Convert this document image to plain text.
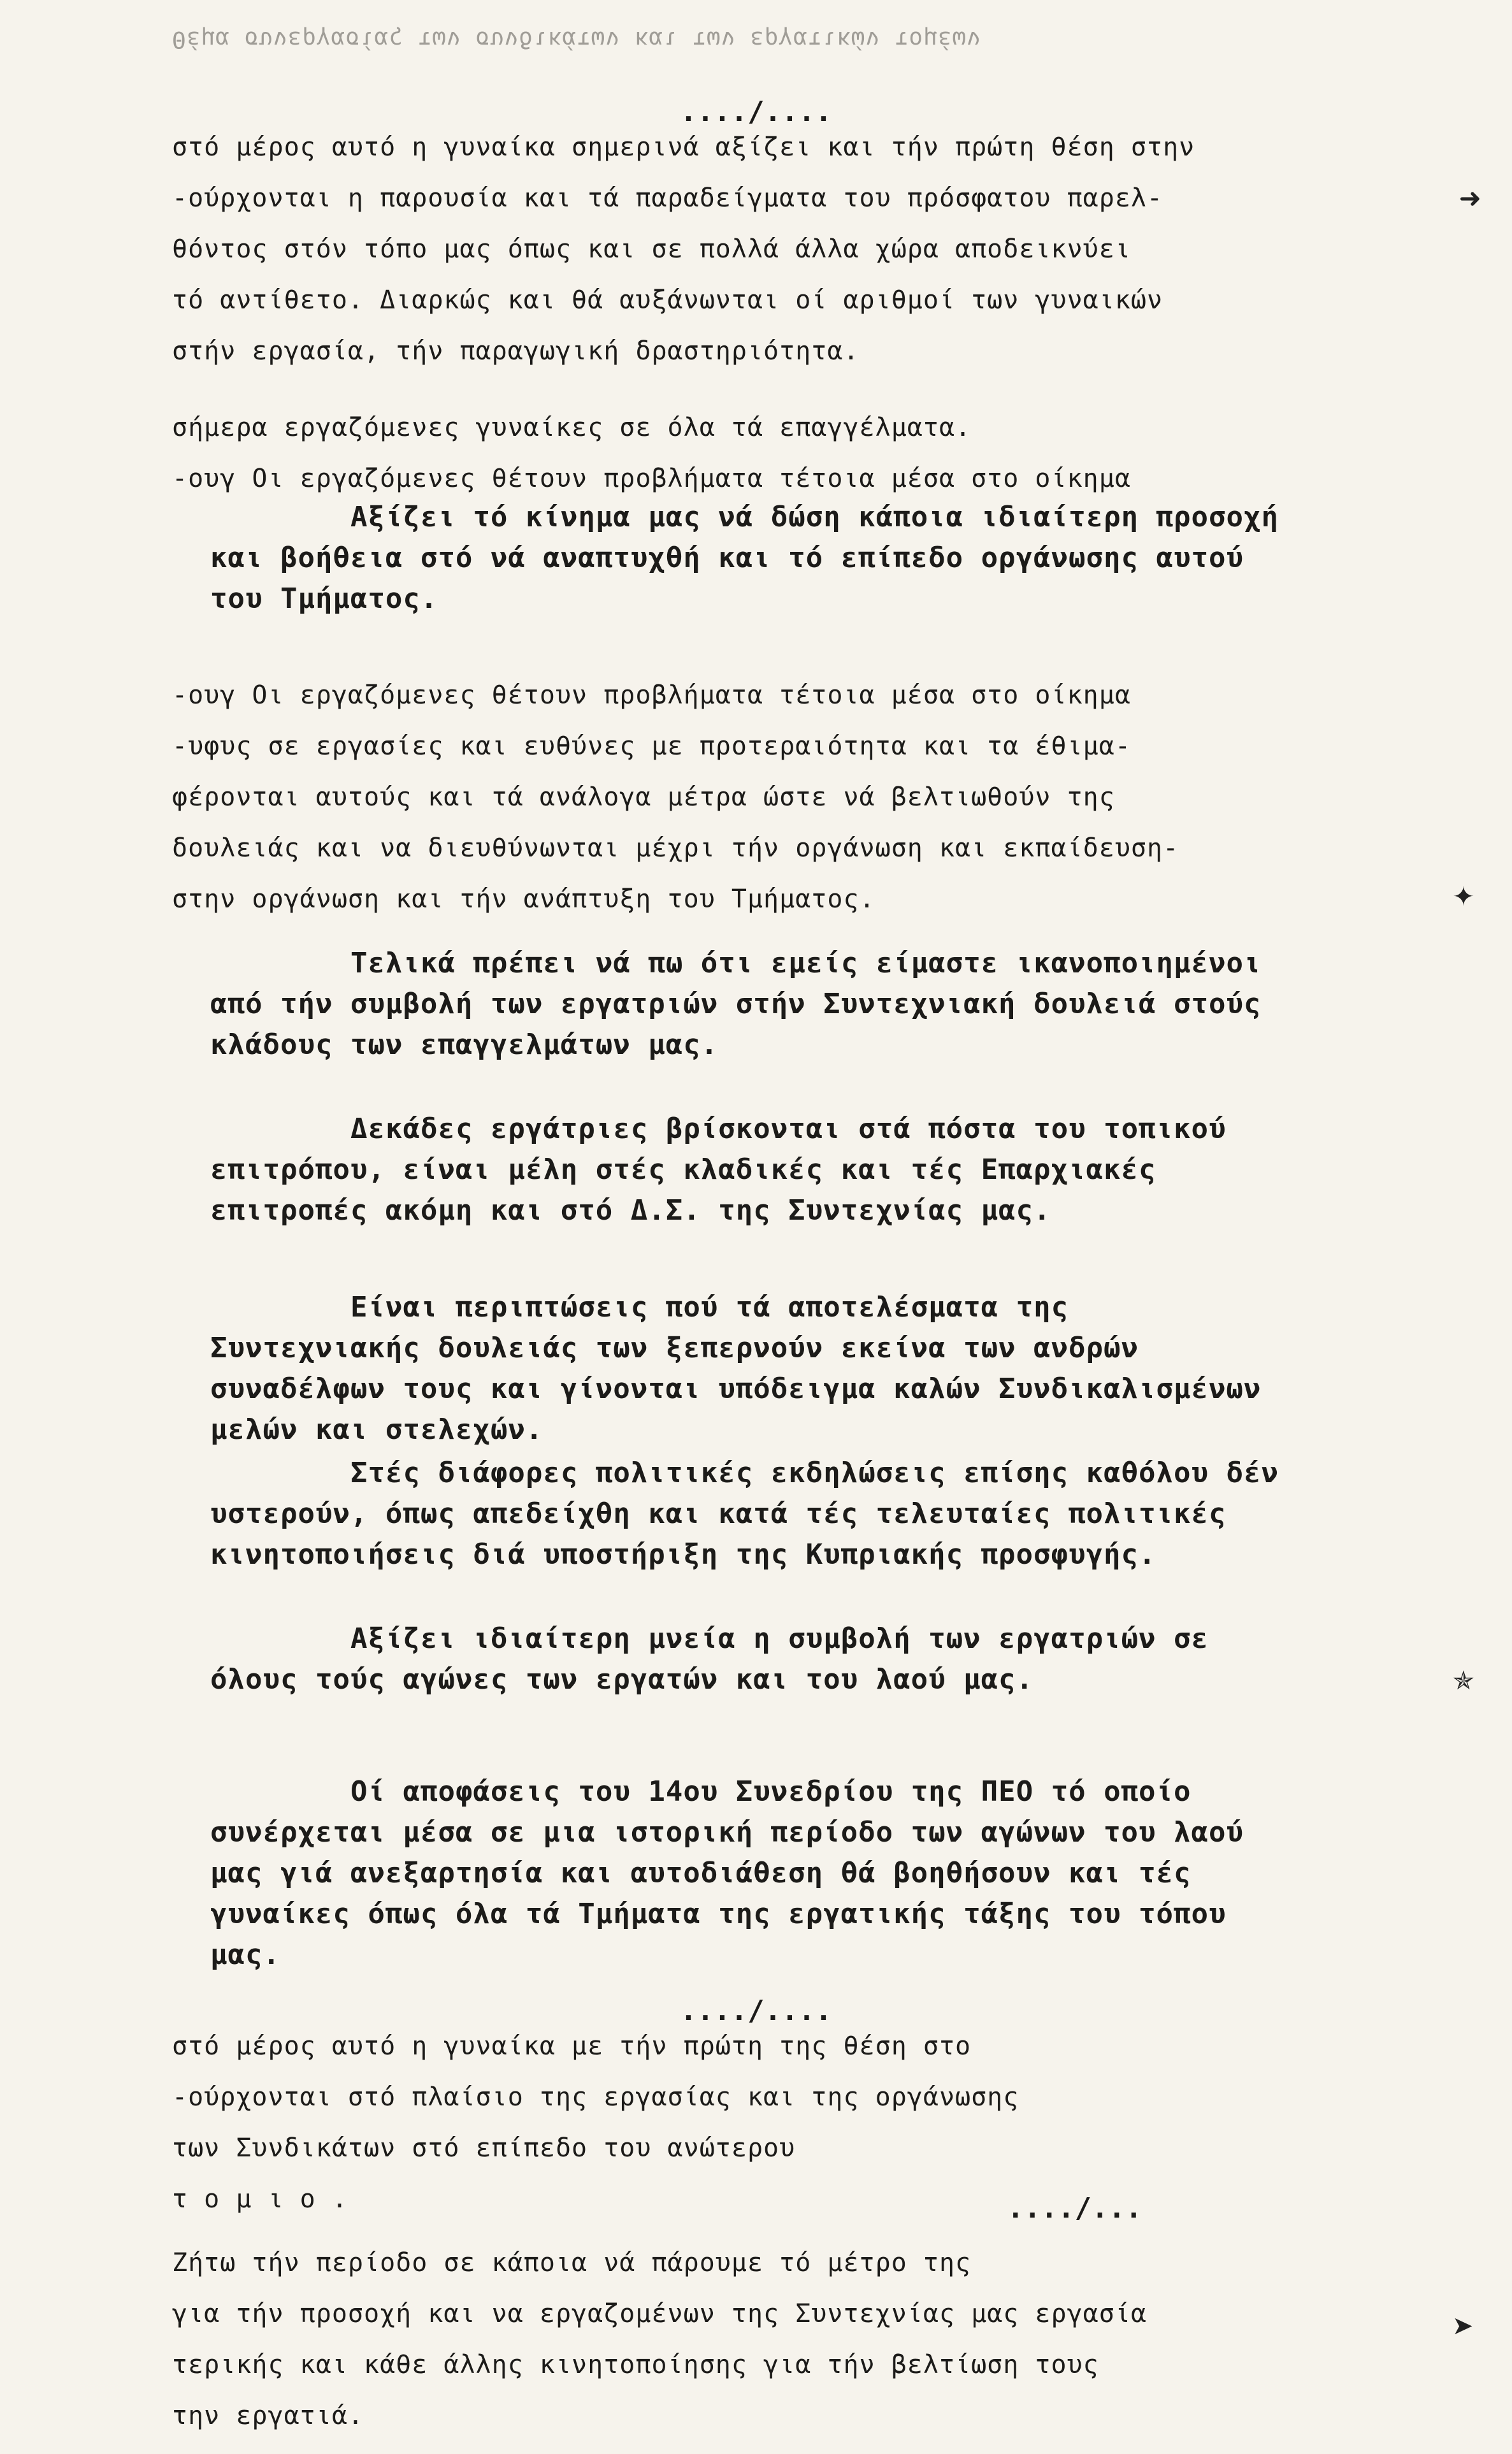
Θέμα συνεργασίας των συνδικάτων και των εργατικών τομέων
..../....
στό μέρος αυτό η γυναίκα σημερινά αξίζει και τήν πρώτη θέση στην
-ούρχονται η παρουσία και τά παραδείγματα του πρόσφατου παρελ-
θόντος στόν τόπο μας όπως και σε πολλά άλλα χώρα αποδεικνύει
τό αντίθετο. Διαρκώς και θά αυξάνωνται οί αριθμοί των γυναικών
στήν εργασία, τήν παραγωγική δραστηριότητα.
σήμερα εργαζόμενες γυναίκες σε όλα τά επαγγέλματα.
-ουγ Οι εργαζόμενες θέτουν προβλήματα τέτοια μέσα στο οίκημα
Αξίζει τό κίνημα μας νά δώση κάποια ιδιαίτερη προσοχή και βοήθεια στό νά αναπτυχθή και τό επίπεδο οργάνωσης αυτού του Τμήματος.
-ουγ Οι εργαζόμενες θέτουν προβλήματα τέτοια μέσα στο οίκημα
-υφυς σε εργασίες και ευθύνες με προτεραιότητα και τα έθιμα-
φέρονται αυτούς και τά ανάλογα μέτρα ώστε νά βελτιωθούν της
δουλειάς και να διευθύνωνται μέχρι τήν οργάνωση και εκπαίδευση-
στην οργάνωση και τήν ανάπτυξη του Τμήματος.
Τελικά πρέπει νά πω ότι εμείς είμαστε ικανοποιημένοι από τήν συμβολή των εργατριών στήν Συντεχνιακή δουλειά στούς κλάδους των επαγγελμάτων μας.
Δεκάδες εργάτριες βρίσκονται στά πόστα του τοπικού επιτρόπου, είναι μέλη στές κλαδικές και τές Επαρχιακές επιτροπές ακόμη και στό Δ.Σ. της Συντεχνίας μας.
Είναι περιπτώσεις πού τά αποτελέσματα της Συντεχνιακής δουλειάς των ξεπερνούν εκείνα των ανδρών συναδέλφων τους και γίνονται υπόδειγμα καλών Συνδικαλισμένων μελών και στελεχών.
Στές διάφορες πολιτικές εκδηλώσεις επίσης καθόλου δέν υστερούν, όπως απεδείχθη και κατά τές τελευταίες πολιτικές κινητοποιήσεις διά υποστήριξη της Κυπριακής προσφυγής.
Αξίζει ιδιαίτερη μνεία η συμβολή των εργατριών σε όλους τούς αγώνες των εργατών και του λαού μας.
Οί αποφάσεις του 14ου Συνεδρίου της ΠΕΟ τό οποίο συνέρχεται μέσα σε μια ιστορική περίοδο των αγώνων του λαού μας γιά ανεξαρτησία και αυτοδιάθεση θά βοηθήσουν και τές γυναίκες όπως όλα τά Τμήματα της εργατικής τάξης του τόπου μας.
..../....
στό μέρος αυτό η γυναίκα με τήν πρώτη της θέση στο
-ούρχονται στό πλαίσιο της εργασίας και της οργάνωσης
των Συνδικάτων στό επίπεδο του ανώτερου
τ ο μ ι ο .	..../...
Ζήτω τήν περίοδο σε κάποια νά πάρουμε τό μέτρο της
για τήν προσοχή και να εργαζομένων της Συντεχνίας μας εργασία
τερικής και κάθε άλλης κινητοποίησης για τήν βελτίωση τους
την εργατιά.
➜
✦
✯
➤
